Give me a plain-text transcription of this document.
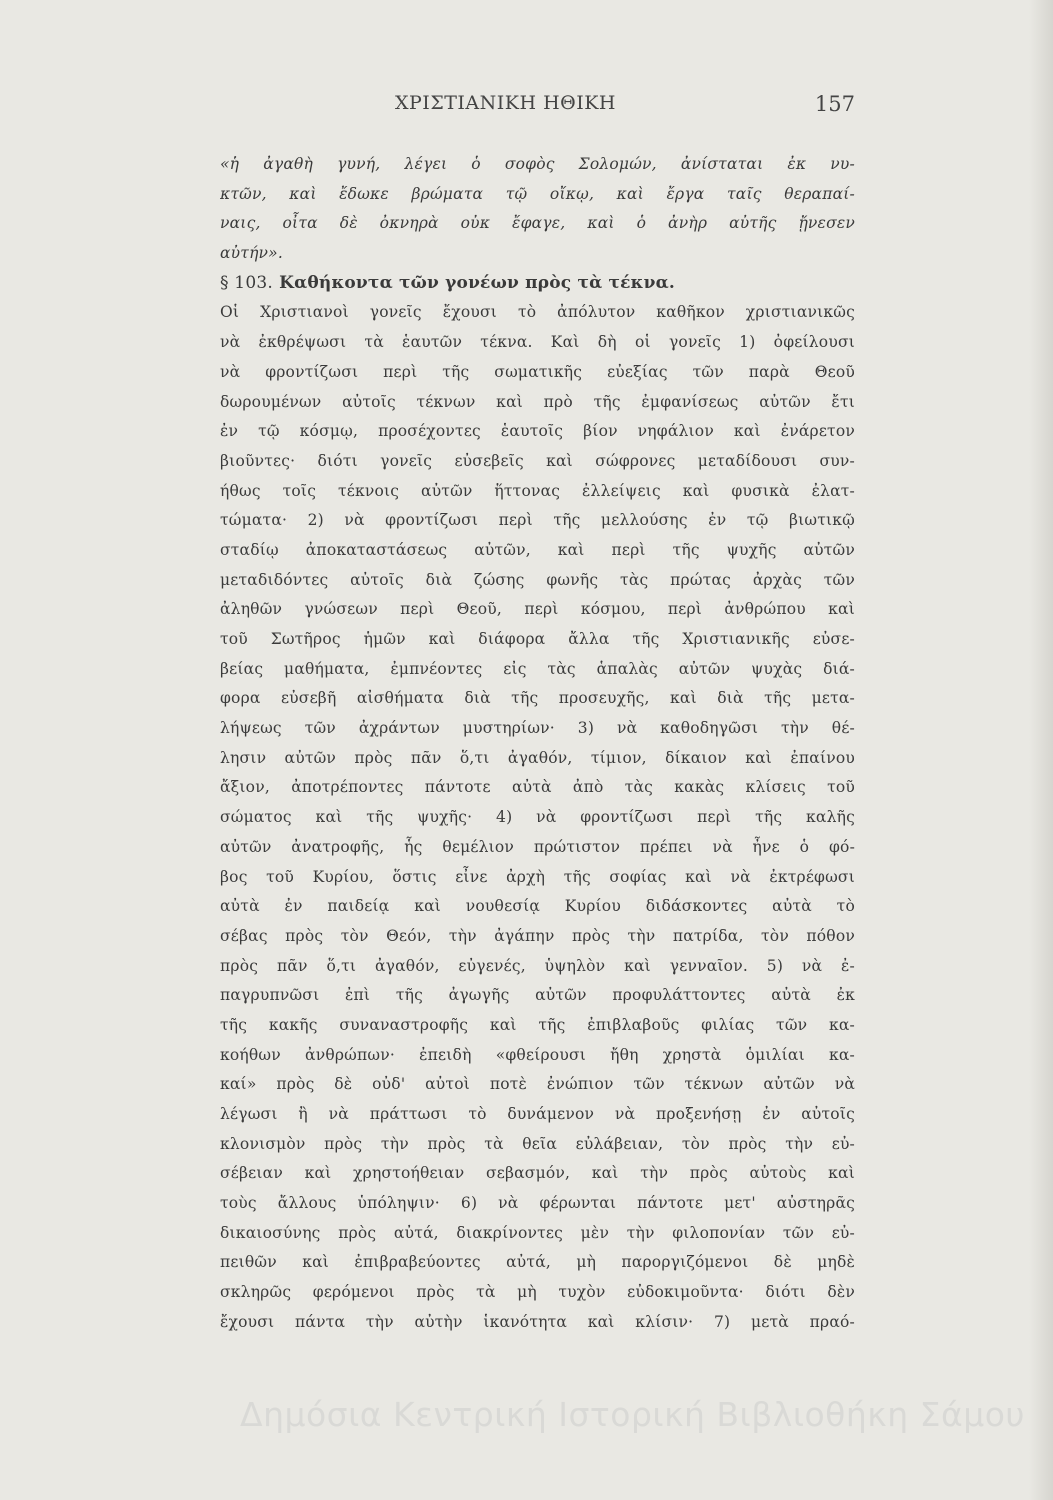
ΧΡΙΣΤΙΑΝΙΚΗ ΗΘΙΚΗ	157
«ἡ ἀγαθὴ γυνή, λέγει ὁ σοφὸς Σολομών, ἀνίσταται ἐκ νυ-
κτῶν, καὶ ἔδωκε βρώματα τῷ οἴκῳ, καὶ ἔργα ταῖς θεραπαί-
ναις, οἶτα δὲ ὀκνηρὰ οὐκ ἔφαγε, καὶ ὁ ἀνὴρ αὐτῆς ᾔνεσεν
αὐτήν».
§ 103. Καθήκοντα τῶν γονέων πρὸς τὰ τέκνα.
Οἱ Χριστιανοὶ γονεῖς ἔχουσι τὸ ἀπόλυτον καθῆκον χριστιανικῶς
νὰ ἐκθρέψωσι τὰ ἑαυτῶν τέκνα. Καὶ δὴ οἱ γονεῖς 1) ὀφείλουσι
νὰ φροντίζωσι περὶ τῆς σωματικῆς εὐεξίας τῶν παρὰ Θεοῦ
δωρουμένων αὐτοῖς τέκνων καὶ πρὸ τῆς ἐμφανίσεως αὐτῶν ἔτι
ἐν τῷ κόσμῳ, προσέχοντες ἑαυτοῖς βίον νηφάλιον καὶ ἐνάρετον
βιοῦντες· διότι γονεῖς εὐσεβεῖς καὶ σώφρονες μεταδίδουσι συν-
ήθως τοῖς τέκνοις αὐτῶν ἥττονας ἐλλείψεις καὶ φυσικὰ ἐλατ-
τώματα· 2) νὰ φροντίζωσι περὶ τῆς μελλούσης ἐν τῷ βιωτικῷ
σταδίῳ ἀποκαταστάσεως αὐτῶν, καὶ περὶ τῆς ψυχῆς αὐτῶν
μεταδιδόντες αὐτοῖς διὰ ζώσης φωνῆς τὰς πρώτας ἀρχὰς τῶν
ἀληθῶν γνώσεων περὶ Θεοῦ, περὶ κόσμου, περὶ ἀνθρώπου καὶ
τοῦ Σωτῆρος ἡμῶν καὶ διάφορα ἄλλα τῆς Χριστιανικῆς εὐσε-
βείας μαθήματα, ἐμπνέοντες εἰς τὰς ἁπαλὰς αὐτῶν ψυχὰς διά-
φορα εὐσεβῆ αἰσθήματα διὰ τῆς προσευχῆς, καὶ διὰ τῆς μετα-
λήψεως τῶν ἀχράντων μυστηρίων· 3) νὰ καθοδηγῶσι τὴν θέ-
λησιν αὐτῶν πρὸς πᾶν ὅ,τι ἀγαθόν, τίμιον, δίκαιον καὶ ἐπαίνου
ἄξιον, ἀποτρέποντες πάντοτε αὐτὰ ἀπὸ τὰς κακὰς κλίσεις τοῦ
σώματος καὶ τῆς ψυχῆς· 4) νὰ φροντίζωσι περὶ τῆς καλῆς
αὐτῶν ἀνατροφῆς, ἧς θεμέλιον πρώτιστον πρέπει νὰ ἦνε ὁ φό-
βος τοῦ Κυρίου, ὅστις εἶνε ἀρχὴ τῆς σοφίας καὶ νὰ ἐκτρέφωσι
αὐτὰ ἐν παιδείᾳ καὶ νουθεσίᾳ Κυρίου διδάσκοντες αὐτὰ τὸ
σέβας πρὸς τὸν Θεόν, τὴν ἀγάπην πρὸς τὴν πατρίδα, τὸν πόθον
πρὸς πᾶν ὅ,τι ἀγαθόν, εὐγενές, ὑψηλὸν καὶ γενναῖον. 5) νὰ ἐ-
παγρυπνῶσι ἐπὶ τῆς ἀγωγῆς αὐτῶν προφυλάττοντες αὐτὰ ἐκ
τῆς κακῆς συναναστροφῆς καὶ τῆς ἐπιβλαβοῦς φιλίας τῶν κα-
κοήθων ἀνθρώπων· ἐπειδὴ «φθείρουσι ἤθη χρηστὰ ὁμιλίαι κα-
καί» πρὸς δὲ οὐδ' αὐτοὶ ποτὲ ἐνώπιον τῶν τέκνων αὐτῶν νὰ
λέγωσι ἢ νὰ πράττωσι τὸ δυνάμενον νὰ προξενήσῃ ἐν αὐτοῖς
κλονισμὸν πρὸς τὴν πρὸς τὰ θεῖα εὐλάβειαν, τὸν πρὸς τὴν εὐ-
σέβειαν καὶ χρηστοήθειαν σεβασμόν, καὶ τὴν πρὸς αὐτοὺς καὶ
τοὺς ἄλλους ὑπόληψιν· 6) νὰ φέρωνται πάντοτε μετ' αὐστηρᾶς
δικαιοσύνης πρὸς αὐτά, διακρίνοντες μὲν τὴν φιλοπονίαν τῶν εὐ-
πειθῶν καὶ ἐπιβραβεύοντες αὐτά, μὴ παροργιζόμενοι δὲ μηδὲ
σκληρῶς φερόμενοι πρὸς τὰ μὴ τυχὸν εὐδοκιμοῦντα· διότι δὲν
ἔχουσι πάντα τὴν αὐτὴν ἱκανότητα καὶ κλίσιν· 7) μετὰ πραό-
Δημόσια Κεντρική Ιστορική Βιβλιοθήκη Σάμου
